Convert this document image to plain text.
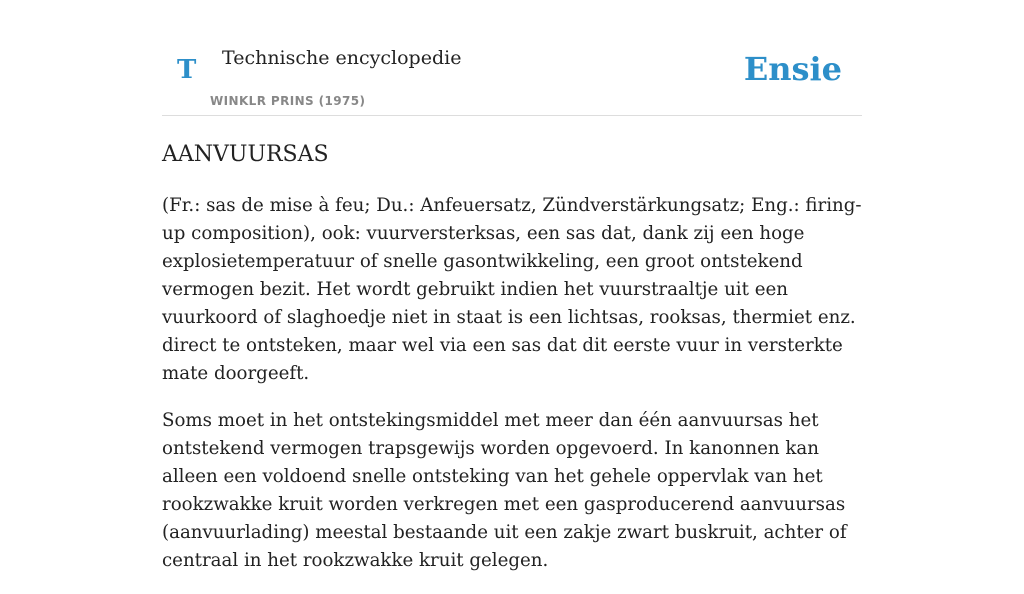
T Technische encyclopedie
WINKLR PRINS (1975)
Ensie
AANVUURSAS

(Fr.: sas de mise à feu; Du.: Anfeuersatz, Zündverstärkungsatz; Eng.: firing-up composition), ook: vuurversterksas, een sas dat, dank zij een hoge explosietemperatuur of snelle gasontwikkeling, een groot ontstekend vermogen bezit. Het wordt gebruikt indien het vuurstraaltje uit een vuurkoord of slaghoedje niet in staat is een lichtsas, rooksas, thermiet enz. direct te ontsteken, maar wel via een sas dat dit eerste vuur in versterkte mate doorgeeft.

Soms moet in het ontstekingsmiddel met meer dan één aanvuursas het ontstekend vermogen trapsgewijs worden opgevoerd. In kanonnen kan alleen een voldoend snelle ontsteking van het gehele oppervlak van het rookzwakke kruit worden verkregen met een gasproducerend aanvuursas (aanvuurlading) meestal bestaande uit een zakje zwart buskruit, achter of centraal in het rookzwakke kruit gelegen.
